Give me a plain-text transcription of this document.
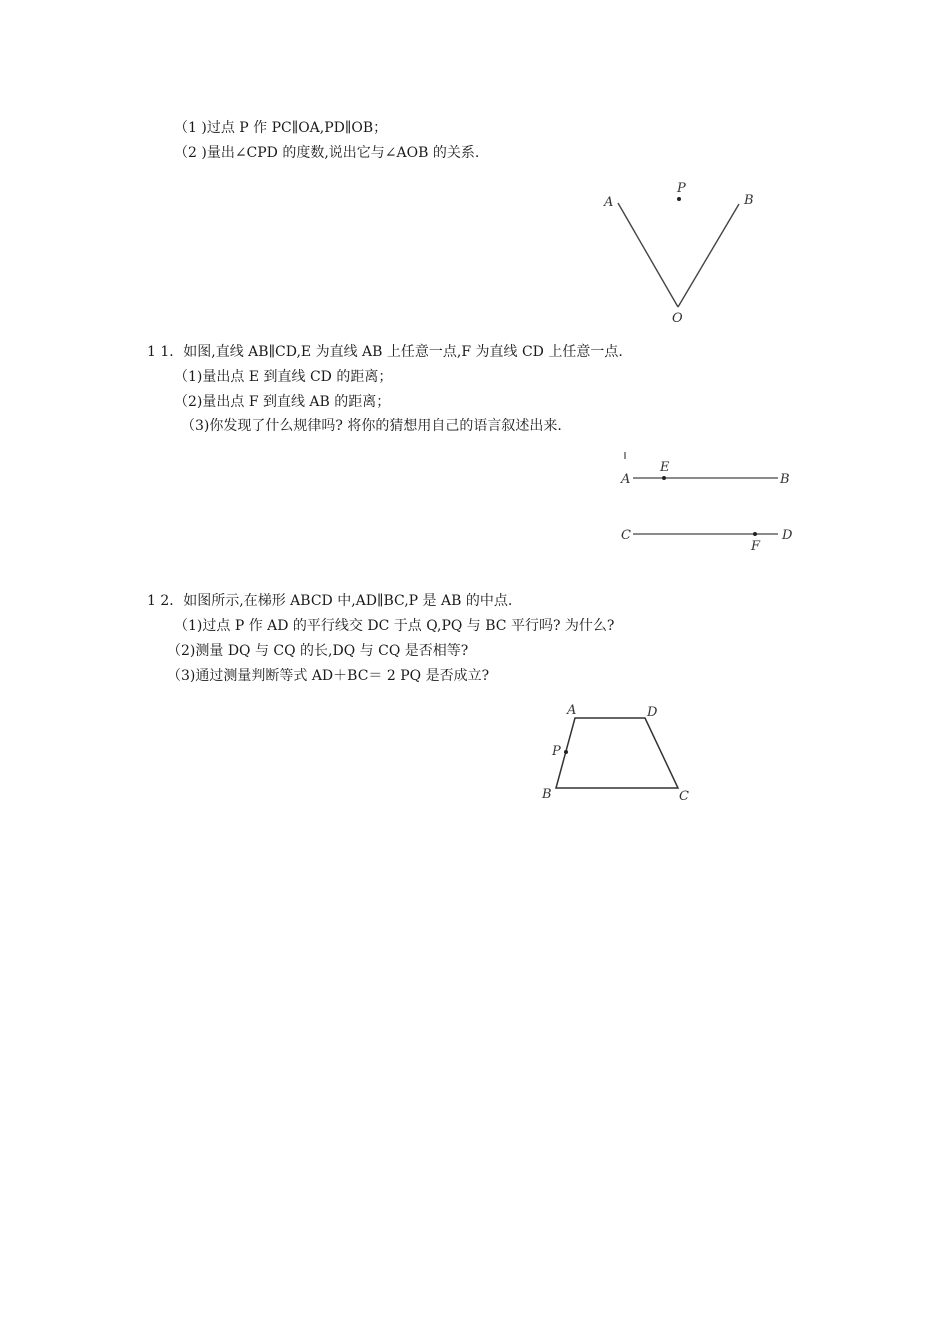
（1 )过点 P 作 PC∥OA,PD∥OB；
（2 )量出∠CPD 的度数,说出它与∠AOB 的关系.
A
P
B
O
A
E
B
C
F
D
A	D
P
B	C
1 1．如图,直线 AB∥CD,E 为直线 AB 上任意一点,F 为直线 CD 上任意一点.
（1)量出点 E 到直线 CD 的距离；
（2)量出点 F 到直线 AB 的距离；
（3)你发现了什么规律吗? 将你的猜想用自己的语言叙述出来.
1 2．如图所示,在梯形 ABCD 中,AD∥BC,P 是 AB 的中点.
（1)过点 P 作 AD 的平行线交 DC 于点 Q,PQ 与 BC 平行吗? 为什么?
（2)测量 DQ 与 CQ 的长,DQ 与 CQ 是否相等?
（3)通过测量判断等式 AD＋BC＝ 2 PQ 是否成立?
